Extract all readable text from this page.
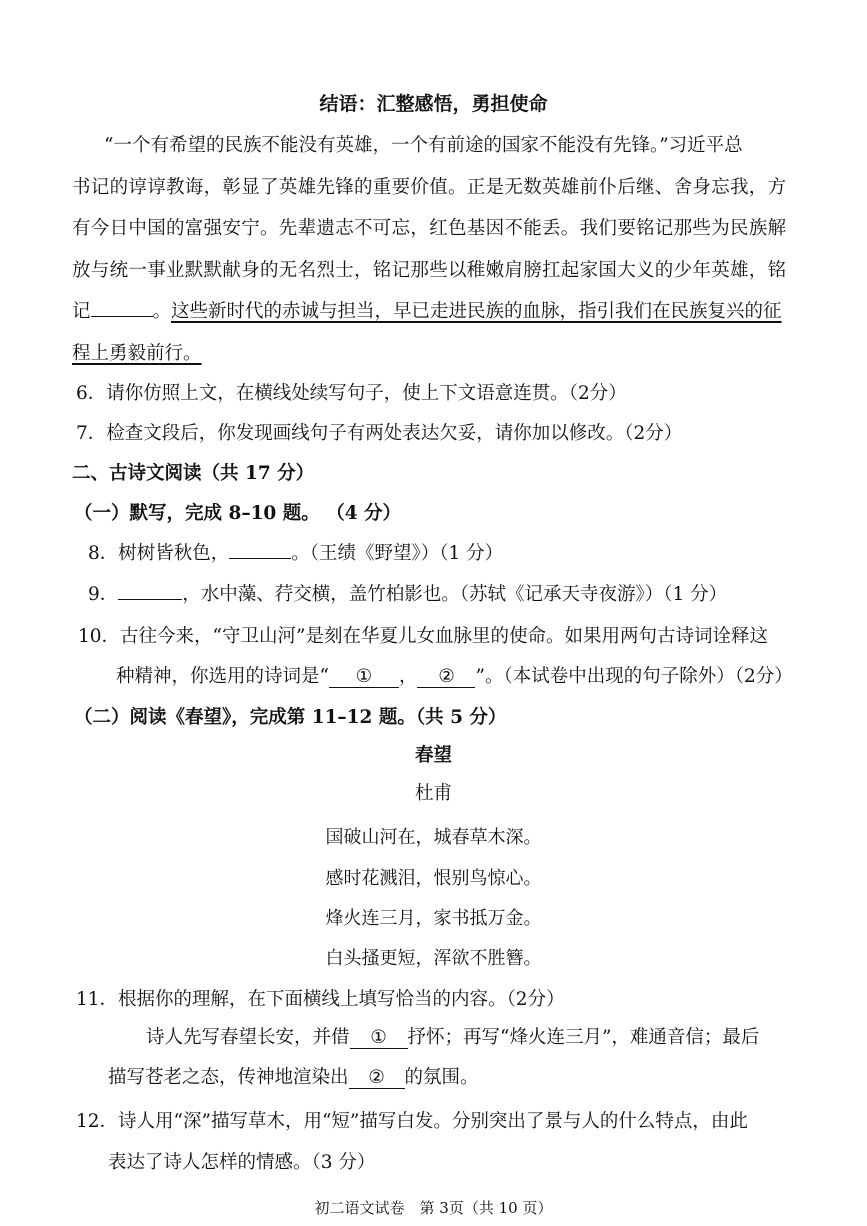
结语：汇整感悟，勇担使命
“一个有希望的民族不能没有英雄，一个有前途的国家不能没有先锋。”习近平总
书记的谆谆教诲，彰显了英雄先锋的重要价值。正是无数英雄前仆后继、舍身忘我，方
有今日中国的富强安宁。先辈遗志不可忘，红色基因不能丢。我们要铭记那些为民族解
放与统一事业默默献身的无名烈士，铭记那些以稚嫩肩膀扛起家国大义的少年英雄，铭
记	。这些新时代的赤诚与担当，早已走进民族的血脉，指引我们在民族复兴的征
程上勇毅前行。
6．请你仿照上文，在横线处续写句子，使上下文语意连贯。（2分）
7．检查文段后，你发现画线句子有两处表达欠妥，请你加以修改。（2分）
二、古诗文阅读（共 17 分）
（一）默写，完成 8–10 题。 （4 分）
8．树树皆秋色，	。（王绩《野望》）（1 分）
9．	，水中藻、荇交横，盖竹柏影也。（苏轼《记承天寺夜游》）（1 分）
10．古往今来，“守卫山河”是刻在华夏儿女血脉里的使命。如果用两句古诗词诠释这
种精神，你选用的诗词是“ ① ， ② ”。（本试卷中出现的句子除外）（2分）
（二）阅读《春望》，完成第 11–12 题。（共 5 分）
春望
杜甫
国破山河在，城春草木深。
感时花溅泪，恨别鸟惊心。
烽火连三月，家书抵万金。
白头搔更短，浑欲不胜簪。
11．根据你的理解，在下面横线上填写恰当的内容。（2分）
诗人先写春望长安，并借 ① 抒怀；再写“烽火连三月”，难通音信；最后
描写苍老之态，传神地渲染出 ② 的氛围。
12．诗人用“深”描写草木，用“短”描写白发。分别突出了景与人的什么特点，由此
表达了诗人怎样的情感。（3 分）
初二语文试卷　第 3页（共 10 页）
